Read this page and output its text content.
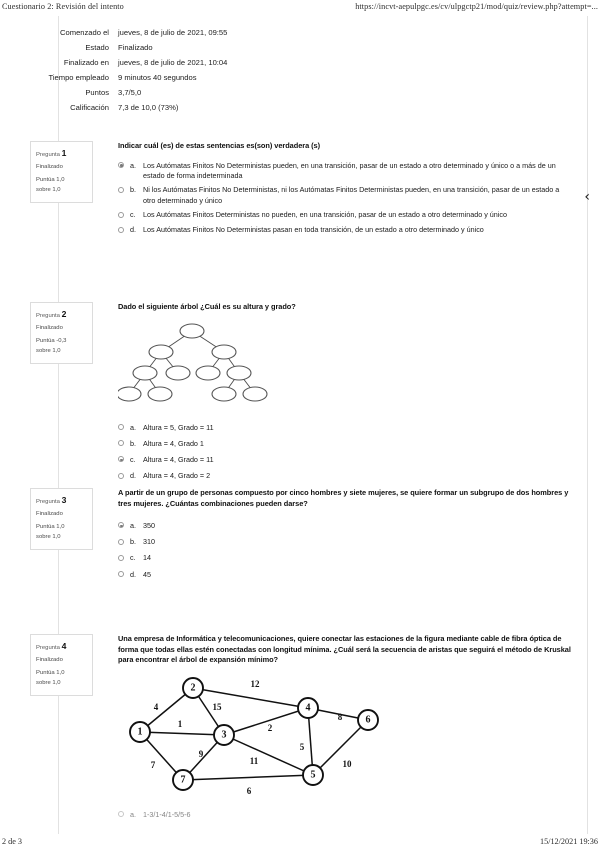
Cuestionario 2: Revisión del intento	https://incvt-aepulpgc.es/cv/ulpgctp21/mod/quiz/review.php?attempt=...
Comenzado el	jueves, 8 de julio de 2021, 09:55
Estado	Finalizado
Finalizado en	jueves, 8 de julio de 2021, 10:04
Tiempo empleado	9 minutos 40 segundos
Puntos	3,7/5,0
Calificación	7,3 de 10,0 (73%)
Pregunta 1
Finalizado
Puntúa 1,0
sobre 1,0
Indicar cuál (es) de estas sentencias es(son) verdadera (s)
a. Los Autómatas Finitos No Deterministas pueden, en una transición, pasar de un estado a otro determinado y único o a más de un estado de forma indeterminada
b. Ni los Autómatas Finitos No Deterministas, ni los Autómatas Finitos Deterministas pueden, en una transición, pasar de un estado a otro determinado y único
c.	Los Autómatas Finitos Deterministas no pueden, en una transición, pasar de un estado a otro determinado y único
d. Los Autómatas Finitos No Deterministas pasan en toda transición, de un estado a otro determinado y único
‹
Pregunta 2
Finalizado
Puntúa -0,3
sobre 1,0
Dado el siguiente árbol ¿Cuál es su altura y grado?
a. Altura = 5, Grado = 11
b. Altura = 4, Grado 1
c.	Altura = 4, Grado = 11
d. Altura = 4, Grado = 2
Pregunta 3
Finalizado
Puntúa 1,0
sobre 1,0
A partir de un grupo de personas compuesto por cinco hombres y siete mujeres, se quiere formar un subgrupo de dos hombres y tres mujeres. ¿Cuántas combinaciones pueden darse?
a. 350
b. 310
c.	14
d. 45
Pregunta 4
Finalizado
Puntúa 1,0
sobre 1,0
Una empresa de Informática y telecomunicaciones, quiere conectar las estaciones de la figura mediante cable de fibra óptica de forma que todas ellas estén conectadas con longitud mínima. ¿Cuál será la secuencia de aristas que seguirá el método de Kruskal para encontrar el árbol de expansión mínimo?
1
2
3
4
5
6
7
4
1
7
15
12
2
11
9
5
8
10
6
a. 1-3/1-4/1-5/5-6
2 de 3	15/12/2021 19:36
